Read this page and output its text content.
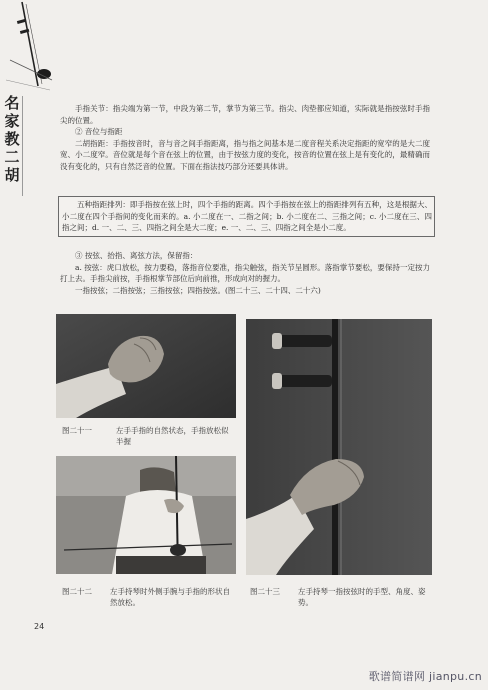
名
家
教
二
胡

手指关节：指尖端为第一节，中段为第二节，掌节为第三节。指尖、肉垫都应知道，实际就是指按弦时手指尖的位置。

② 音位与指距

二胡指距：手指按音时，音与音之间手指距离，指与指之间基本是二度音程关系决定指距的宽窄的是大二度宽、小二度窄。音位就是每个音在弦上的位置，由于按弦力度的变化，按音的位置在弦上是有变化的，最精确而没有变化的，只有自然泛音的位置。下面在指法技巧部分还要具体讲。

五种指距排列：即手指按在弦上时，四个手指的距离。四个手指按在弦上的指距排列有五种，这是根据大、小二度在四个手指间的变化而来的。a. 小二度在一、二指之间；b. 小二度在二、三指之间；c. 小二度在三、四指之间；d. 一、二、三、四指之间全是大二度；e. 一、二、三、四指之间全是小二度。

③ 按弦、抬指、离弦方法，保留指：

a. 按弦：虎口放松，按力要稳，落指音位要准，指尖触弦，指关节呈圆形。落指掌节要松，要保持一定按力打上去。手指尖前按，手指根掌节部位后向前推，形成向对的握力。

一指按弦；二指按弦；三指按弦；四指按弦。(图二十三、二十四、二十六)

图二十一	左手手指的自然状态，手指放松似半握
图二十二 左手持琴时外侧手腕与手指的形状自然放松。
图二十三 左手持琴一指按弦时的手型、角度、姿势。
24
歌谱简谱网 jianpu.cn
